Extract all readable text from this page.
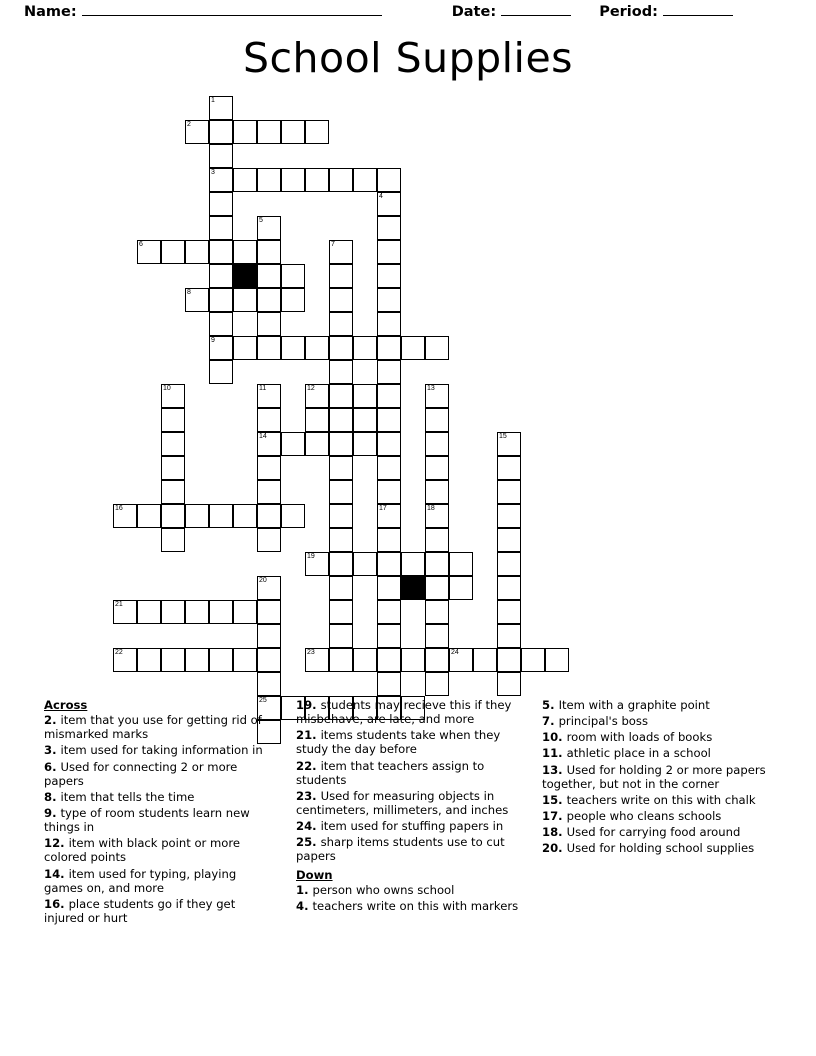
Name:	Date:	Period:
School Supplies
1
2
3
4
5
6	7
8
9
10	11	12	13
14	15
16	17	18
19
20
21
22	23	24
25
Across
2. item that you use for getting rid of mismarked marks
3. item used for taking information in
6. Used for connecting 2 or more papers
8. item that tells the time
9. type of room students learn new things in
12. item with black point or more colored points
14. item used for typing, playing games on, and more
16. place students go if they get injured or hurt
19. students may recieve this if they misbehave, are late, and more
21. items students take when they study the day before
22. item that teachers assign to students
23. Used for measuring objects in centimeters, millimeters, and inches
24. item used for stuffing papers in
25. sharp items students use to cut papers
Down
1. person who owns school
4. teachers write on this with markers
5. Item with a graphite point
7. principal's boss
10. room with loads of books
11. athletic place in a school
13. Used for holding 2 or more papers together, but not in the corner
15. teachers write on this with chalk
17. people who cleans schools
18. Used for carrying food around
20. Used for holding school supplies
